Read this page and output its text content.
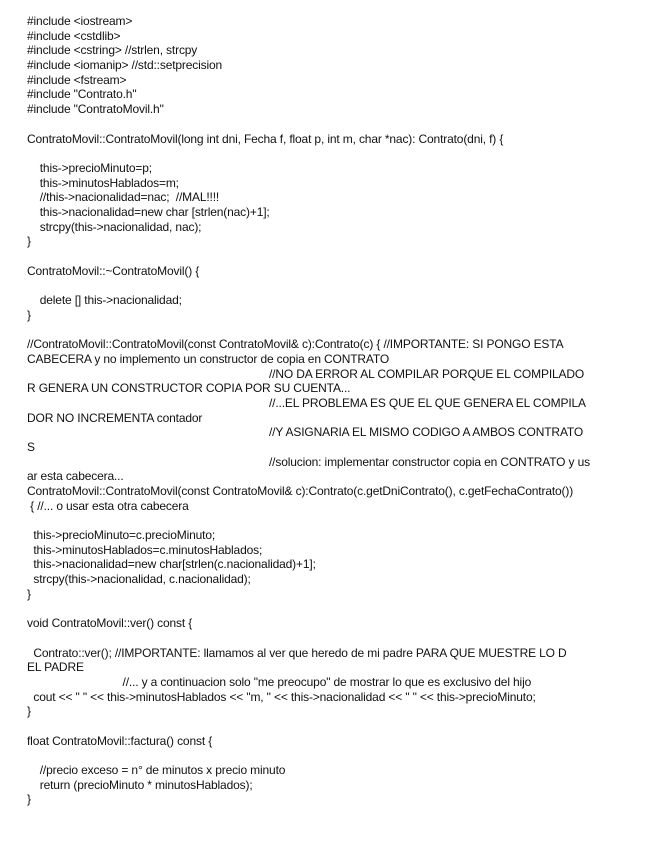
#include <iostream>
#include <cstdlib>
#include <cstring> //strlen, strcpy
#include <iomanip> //std::setprecision
#include <fstream>
#include "Contrato.h"
#include "ContratoMovil.h"
ContratoMovil::ContratoMovil(long int dni, Fecha f, float p, int m, char *nac): Contrato(dni, f) {
this->precioMinuto=p;
this->minutosHablados=m;
//this->nacionalidad=nac;  //MAL!!!!
this->nacionalidad=new char [strlen(nac)+1];
strcpy(this->nacionalidad, nac);
}
ContratoMovil::~ContratoMovil() {
delete [] this->nacionalidad;
}
//ContratoMovil::ContratoMovil(const ContratoMovil& c):Contrato(c) { //IMPORTANTE: SI PONGO ESTA
CABECERA y no implemento un constructor de copia en CONTRATO
//NO DA ERROR AL COMPILAR PORQUE EL COMPILADO
R GENERA UN CONSTRUCTOR COPIA POR SU CUENTA...
//...EL PROBLEMA ES QUE EL QUE GENERA EL COMPILA
DOR NO INCREMENTA contador
//Y ASIGNARIA EL MISMO CODIGO A AMBOS CONTRATO
S
//solucion: implementar constructor copia en CONTRATO y us
ar esta cabecera...
ContratoMovil::ContratoMovil(const ContratoMovil& c):Contrato(c.getDniContrato(), c.getFechaContrato())
{ //... o usar esta otra cabecera
this->precioMinuto=c.precioMinuto;
this->minutosHablados=c.minutosHablados;
this->nacionalidad=new char[strlen(c.nacionalidad)+1];
strcpy(this->nacionalidad, c.nacionalidad);
}
void ContratoMovil::ver() const {
Contrato::ver(); //IMPORTANTE: llamamos al ver que heredo de mi padre PARA QUE MUESTRE LO D
EL PADRE
//... y a continuacion solo "me preocupo" de mostrar lo que es exclusivo del hijo
cout << " " << this->minutosHablados << "m, " << this->nacionalidad << " " << this->precioMinuto;
}
float ContratoMovil::factura() const {
//precio exceso = n° de minutos x precio minuto
return (precioMinuto * minutosHablados);
}
